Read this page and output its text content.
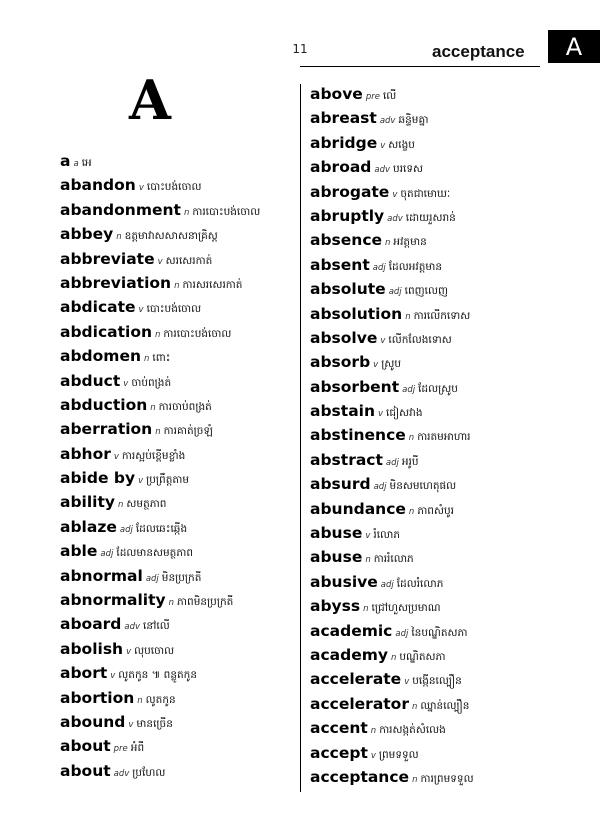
11	acceptance	A
A
aa អេ
abandon v បោះបង់ចោល
abandonment n ការបោះបង់ចោល
abbey n ឧត្តមាវាសសាសនាគ្រិស្ត
abbreviate v សរសេរកាត់
abbreviation n ការសរសេរកាត់
abdicate v បោះបង់ចោល
abdication n ការបោះបង់ចោល
abdomen n ពោះ
abduct v ចាប់ពង្រត់
abduction n ការចាប់ពង្រត់
aberration n ការគាត់ច្រឡំ
abhor v ការស្អប់ខ្ពើមខ្លាំង
abide by v ប្រព្រឹត្តតាម
ability n សមត្ថភាព
ablaze adj ដែលឆេះឆ្កើង
able adj ដែលមានសមត្ថភាព
abnormal adj មិនប្រក្រតី
abnormality n ភាពមិនប្រក្រតី
aboard adv នៅលើ
abolish v លុបចោល
abort v លូតកូន ៕ ពន្លូតកូន
abortion n លូតកូន
abound v មានច្រើន
about pre អំពី
about adv ប្រហែល
above pre លើ
abreast adv ឆន្ទិមគ្នា
abridge v សង្ខេប
abroad adv បរទេស
abrogate v ចុតជាមោឃៈ
abruptly adv ដោយរួសរាន់
absence n អវត្តមាន
absent adj ដែលអវត្តមាន
absolute adj ពេញលេញ
absolution n ការលើកទោស
absolve v លើកលែងទោស
absorb v ស្រូប
absorbent adj ដែលស្រូប
abstain v ជៀសវាង
abstinence n ការតមអាហារ
abstract adj អរូបី
absurd adj មិនសមហេតុផល
abundance n ភាពសំបូរ
abuse v រំលោភ
abuse n ការរំលោភ
abusive adj ដែលរំលោភ
abyss n ជ្រៅហួសប្រមាណ
academic adj នៃបណ្ឌិតសភា
academy n បណ្ឌិតសភា
accelerate v បង្កើនល្បឿន
accelerator n ឈ្នាន់ល្បឿន
accent n ការសង្កត់សំលេង
accept v ព្រមទទួល
acceptance n ការព្រមទទួល
